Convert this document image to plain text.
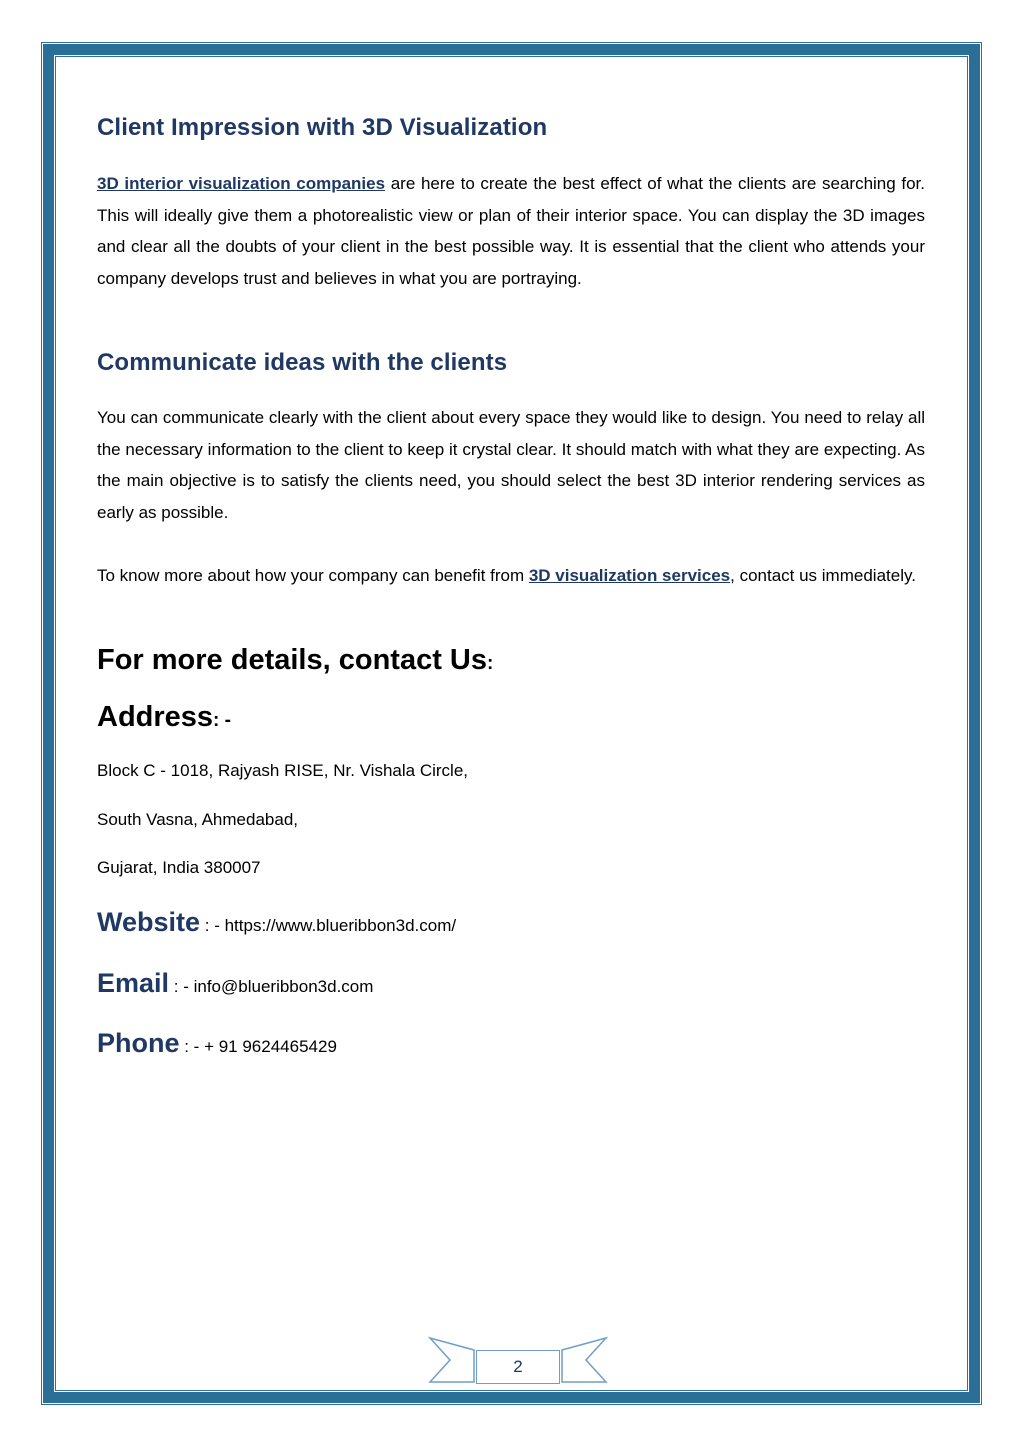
Client Impression with 3D Visualization

3D interior visualization companies are here to create the best effect of what the clients are searching for. This will ideally give them a photorealistic view or plan of their interior space. You can display the 3D images and clear all the doubts of your client in the best possible way. It is essential that the client who attends your company develops trust and believes in what you are portraying.

Communicate ideas with the clients

You can communicate clearly with the client about every space they would like to design. You need to relay all the necessary information to the client to keep it crystal clear. It should match with what they are expecting. As the main objective is to satisfy the clients need, you should select the best 3D interior rendering services as early as possible.

To know more about how your company can benefit from 3D visualization services, contact us immediately.

For more details, contact Us:
Address: -
Block C - 1018, Rajyash RISE, Nr. Vishala Circle,
South Vasna, Ahmedabad,
Gujarat, India 380007
Website : - https://www.blueribbon3d.com/
Email : - info@blueribbon3d.com
Phone : - + 91 9624465429
2
